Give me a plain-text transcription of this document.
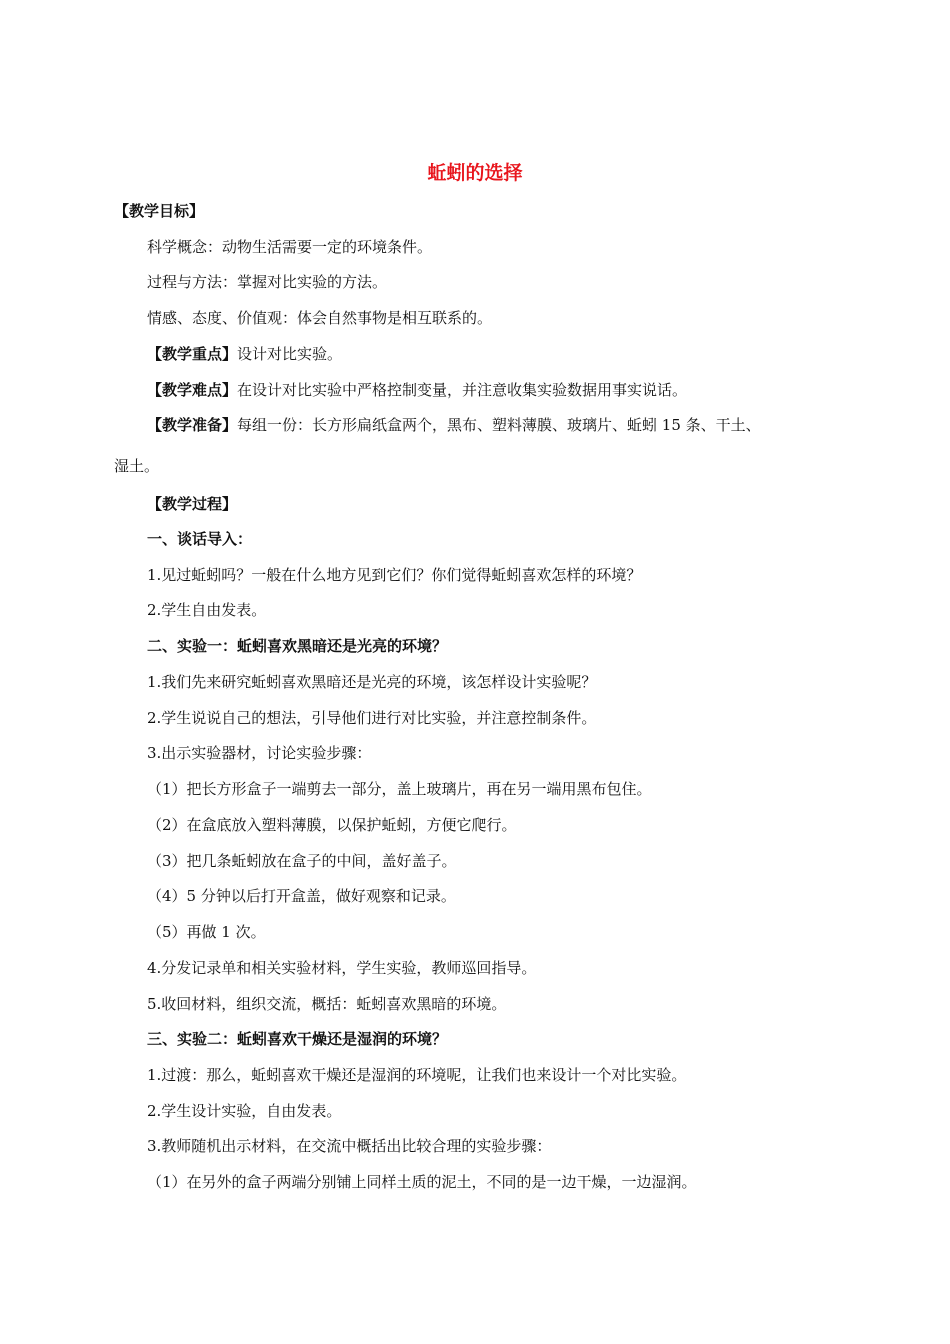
蚯蚓的选择

【教学目标】

科学概念：动物生活需要一定的环境条件。

过程与方法：掌握对比实验的方法。

情感、态度、价值观：体会自然事物是相互联系的。

【教学重点】设计对比实验。

【教学难点】在设计对比实验中严格控制变量，并注意收集实验数据用事实说话。

【教学准备】每组一份：长方形扁纸盒两个，黑布、塑料薄膜、玻璃片、蚯蚓 15 条、干土、

湿土。

【教学过程】

一、谈话导入：

1.见过蚯蚓吗？一般在什么地方见到它们？你们觉得蚯蚓喜欢怎样的环境？

2.学生自由发表。

二、实验一：蚯蚓喜欢黑暗还是光亮的环境？

1.我们先来研究蚯蚓喜欢黑暗还是光亮的环境，该怎样设计实验呢？

2.学生说说自己的想法，引导他们进行对比实验，并注意控制条件。

3.出示实验器材，讨论实验步骤：

（1）把长方形盒子一端剪去一部分，盖上玻璃片，再在另一端用黑布包住。

（2）在盒底放入塑料薄膜，以保护蚯蚓，方便它爬行。

（3）把几条蚯蚓放在盒子的中间，盖好盖子。

（4）5 分钟以后打开盒盖，做好观察和记录。

（5）再做 1 次。

4.分发记录单和相关实验材料，学生实验，教师巡回指导。

5.收回材料，组织交流，概括：蚯蚓喜欢黑暗的环境。

三、实验二：蚯蚓喜欢干燥还是湿润的环境？

1.过渡：那么，蚯蚓喜欢干燥还是湿润的环境呢，让我们也来设计一个对比实验。

2.学生设计实验，自由发表。

3.教师随机出示材料，在交流中概括出比较合理的实验步骤：

（1）在另外的盒子两端分别铺上同样土质的泥土，不同的是一边干燥，一边湿润。
